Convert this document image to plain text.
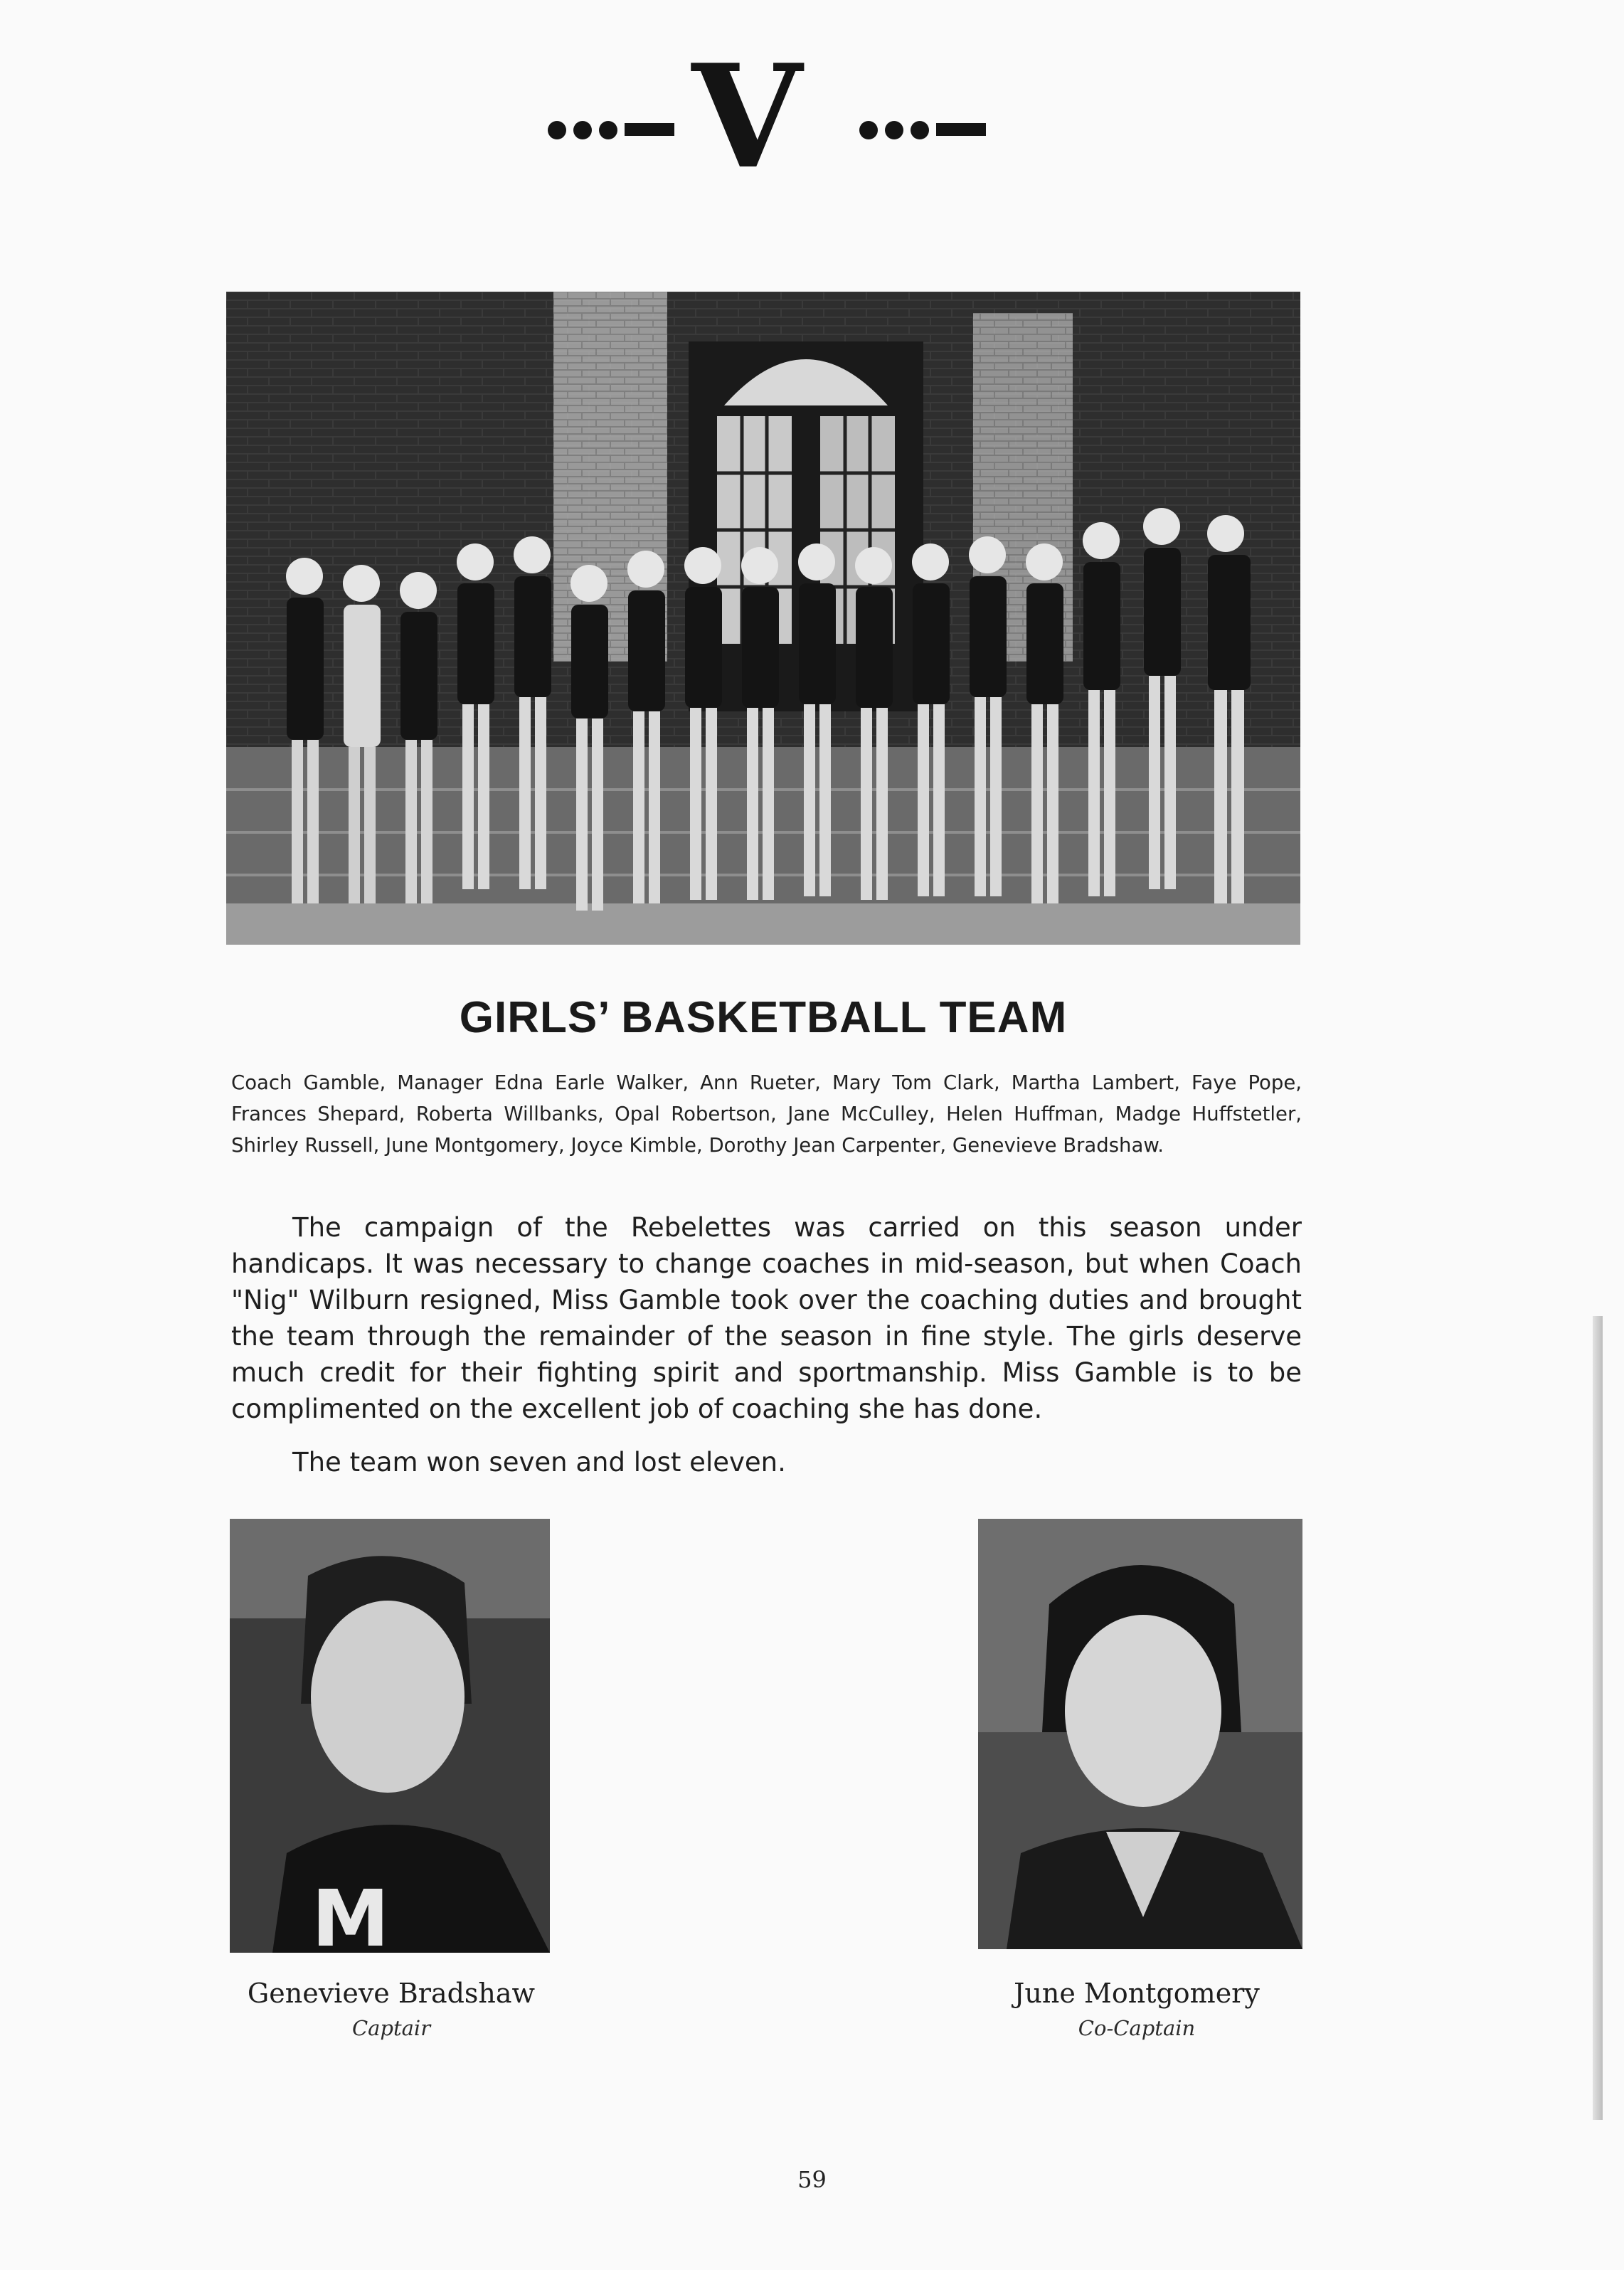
V
GIRLS’ BASKETBALL TEAM
Coach Gamble, Manager Edna Earle Walker, Ann Rueter, Mary Tom Clark, Martha Lambert, Faye Pope, Frances Shepard, Roberta Willbanks, Opal Robertson, Jane McCulley, Helen Huffman, Madge Huffstetler, Shirley Russell, June Montgomery, Joyce Kimble, Dorothy Jean Carpenter, Genevieve Bradshaw.

The campaign of the Rebelettes was carried on this season under handicaps. It was necessary to change coaches in mid-season, but when Coach "Nig" Wilburn resigned, Miss Gamble took over the coaching duties and brought the team through the remainder of the season in fine style. The girls deserve much credit for their fighting spirit and sportmanship. Miss Gamble is to be complimented on the excellent job of coaching she has done.

The team won seven and lost eleven.
M
Genevieve Bradshaw
Captair
June Montgomery
Co-Captain
59
